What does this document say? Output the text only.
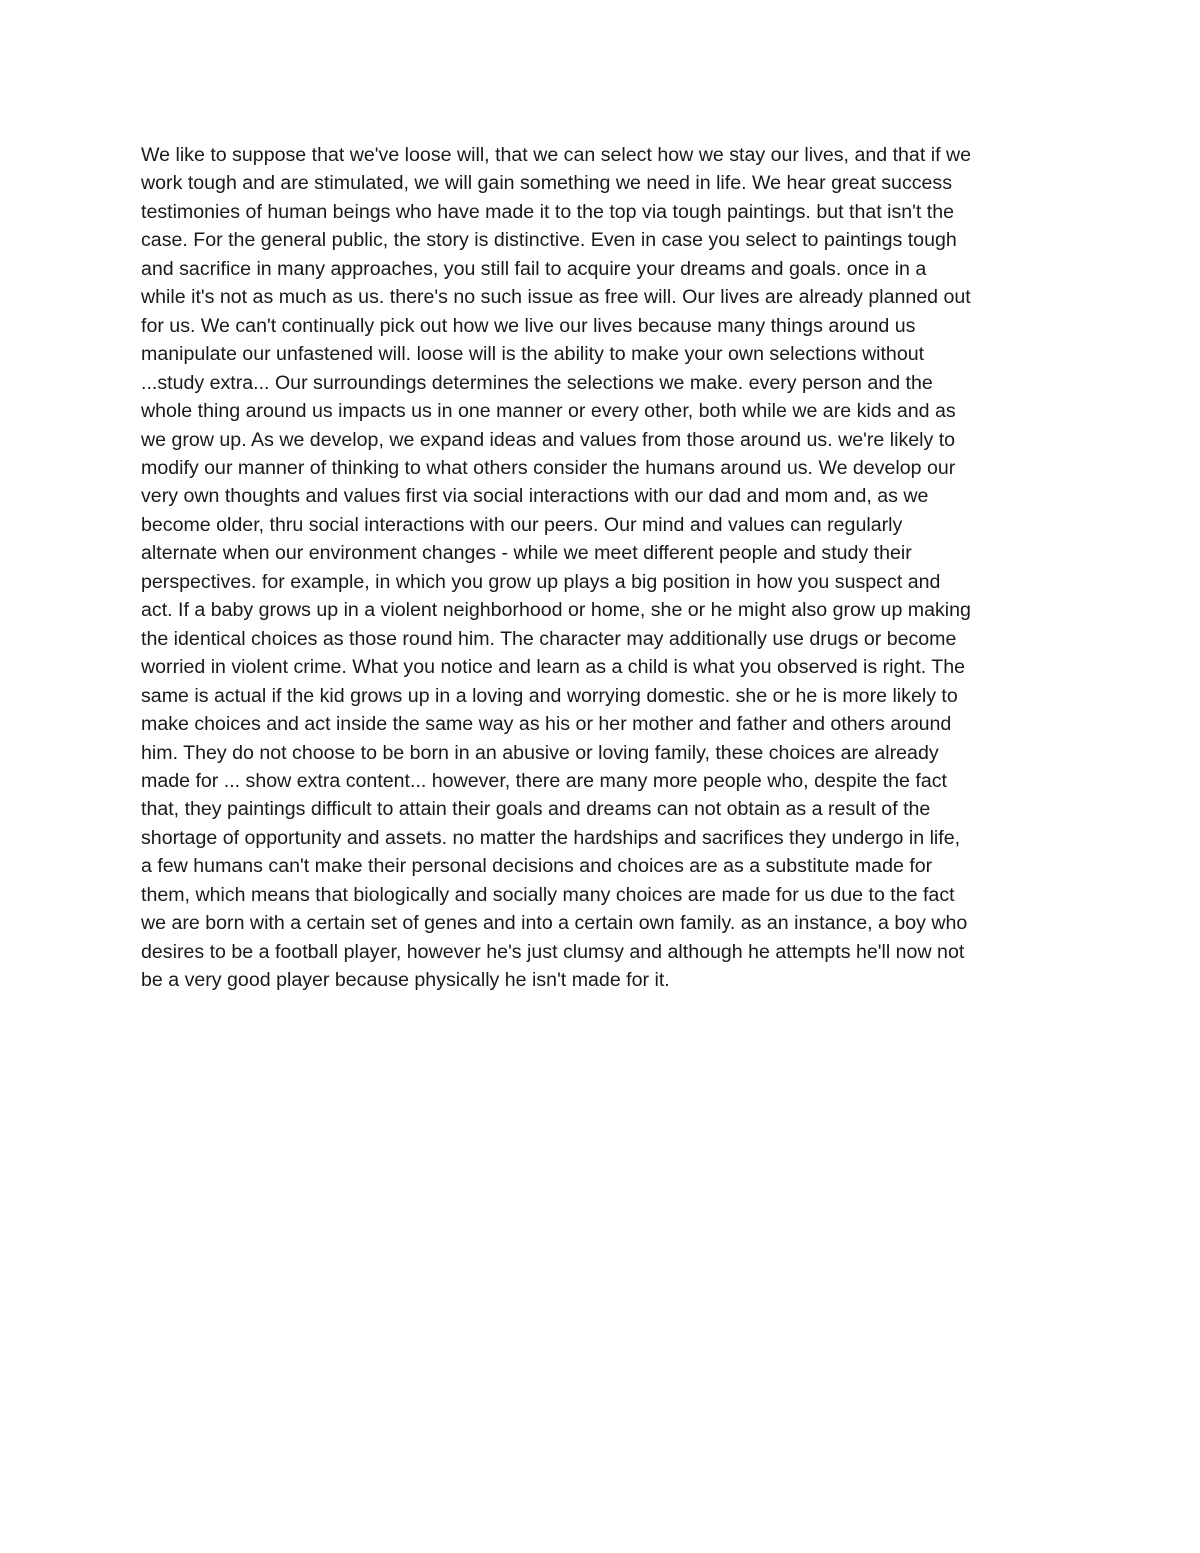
We like to suppose that we've loose will, that we can select how we stay our lives, and that if we
work tough and are stimulated, we will gain something we need in life. We hear great success
testimonies of human beings who have made it to the top via tough paintings. but that isn't the
case. For the general public, the story is distinctive. Even in case you select to paintings tough
and sacrifice in many approaches, you still fail to acquire your dreams and goals. once in a
while it's not as much as us. there's no such issue as free will. Our lives are already planned out
for us. We can't continually pick out how we live our lives because many things around us
manipulate our unfastened will. loose will is the ability to make your own selections without
...study extra... Our surroundings determines the selections we make. every person and the
whole thing around us impacts us in one manner or every other, both while we are kids and as
we grow up. As we develop, we expand ideas and values from those around us. we're likely to
modify our manner of thinking to what others consider the humans around us. We develop our
very own thoughts and values first via social interactions with our dad and mom and, as we
become older, thru social interactions with our peers. Our mind and values can regularly
alternate when our environment changes - while we meet different people and study their
perspectives. for example, in which you grow up plays a big position in how you suspect and
act. If a baby grows up in a violent neighborhood or home, she or he might also grow up making
the identical choices as those round him. The character may additionally use drugs or become
worried in violent crime. What you notice and learn as a child is what you observed is right. The
same is actual if the kid grows up in a loving and worrying domestic. she or he is more likely to
make choices and act inside the same way as his or her mother and father and others around
him. They do not choose to be born in an abusive or loving family, these choices are already
made for ... show extra content... however, there are many more people who, despite the fact
that, they paintings difficult to attain their goals and dreams can not obtain as a result of the
shortage of opportunity and assets. no matter the hardships and sacrifices they undergo in life,
a few humans can't make their personal decisions and choices are as a substitute made for
them, which means that biologically and socially many choices are made for us due to the fact
we are born with a certain set of genes and into a certain own family. as an instance, a boy who
desires to be a football player, however he's just clumsy and although he attempts he'll now not
be a very good player because physically he isn't made for it.
